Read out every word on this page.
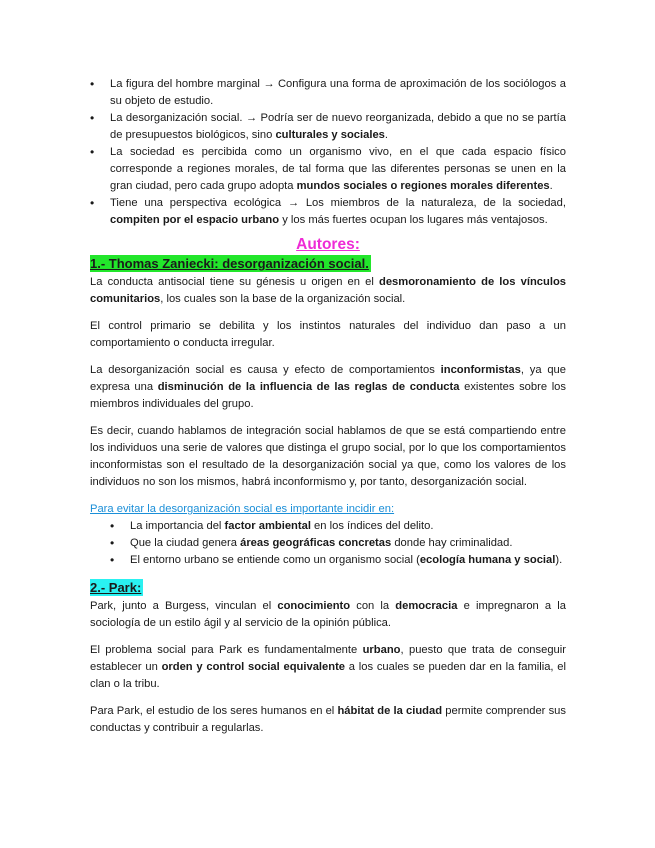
• La figura del hombre marginal → Configura una forma de aproximación de los sociólogos a su objeto de estudio.
• La desorganización social. → Podría ser de nuevo reorganizada, debido a que no se partía de presupuestos biológicos, sino culturales y sociales.
• La sociedad es percibida como un organismo vivo, en el que cada espacio físico corresponde a regiones morales, de tal forma que las diferentes personas se unen en la gran ciudad, pero cada grupo adopta mundos sociales o regiones morales diferentes.
• Tiene una perspectiva ecológica → Los miembros de la naturaleza, de la sociedad, compiten por el espacio urbano y los más fuertes ocupan los lugares más ventajosos.
Autores:
1.- Thomas Zaniecki: desorganización social.

La conducta antisocial tiene su génesis u origen en el desmoronamiento de los vínculos comunitarios, los cuales son la base de la organización social.

El control primario se debilita y los instintos naturales del individuo dan paso a un comportamiento o conducta irregular.

La desorganización social es causa y efecto de comportamientos inconformistas, ya que expresa una disminución de la influencia de las reglas de conducta existentes sobre los miembros individuales del grupo.

Es decir, cuando hablamos de integración social hablamos de que se está compartiendo entre los individuos una serie de valores que distinga el grupo social, por lo que los comportamientos inconformistas son el resultado de la desorganización social ya que, como los valores de los individuos no son los mismos, habrá inconformismo y, por tanto, desorganización social.

Para evitar la desorganización social es importante incidir en:

• La importancia del factor ambiental en los índices del delito.
• Que la ciudad genera áreas geográficas concretas donde hay criminalidad.
• El entorno urbano se entiende como un organismo social (ecología humana y social).
2.- Park:

Park, junto a Burgess, vinculan el conocimiento con la democracia e impregnaron a la sociología de un estilo ágil y al servicio de la opinión pública.

El problema social para Park es fundamentalmente urbano, puesto que trata de conseguir establecer un orden y control social equivalente a los cuales se pueden dar en la familia, el clan o la tribu.

Para Park, el estudio de los seres humanos en el hábitat de la ciudad permite comprender sus conductas y contribuir a regularlas.
